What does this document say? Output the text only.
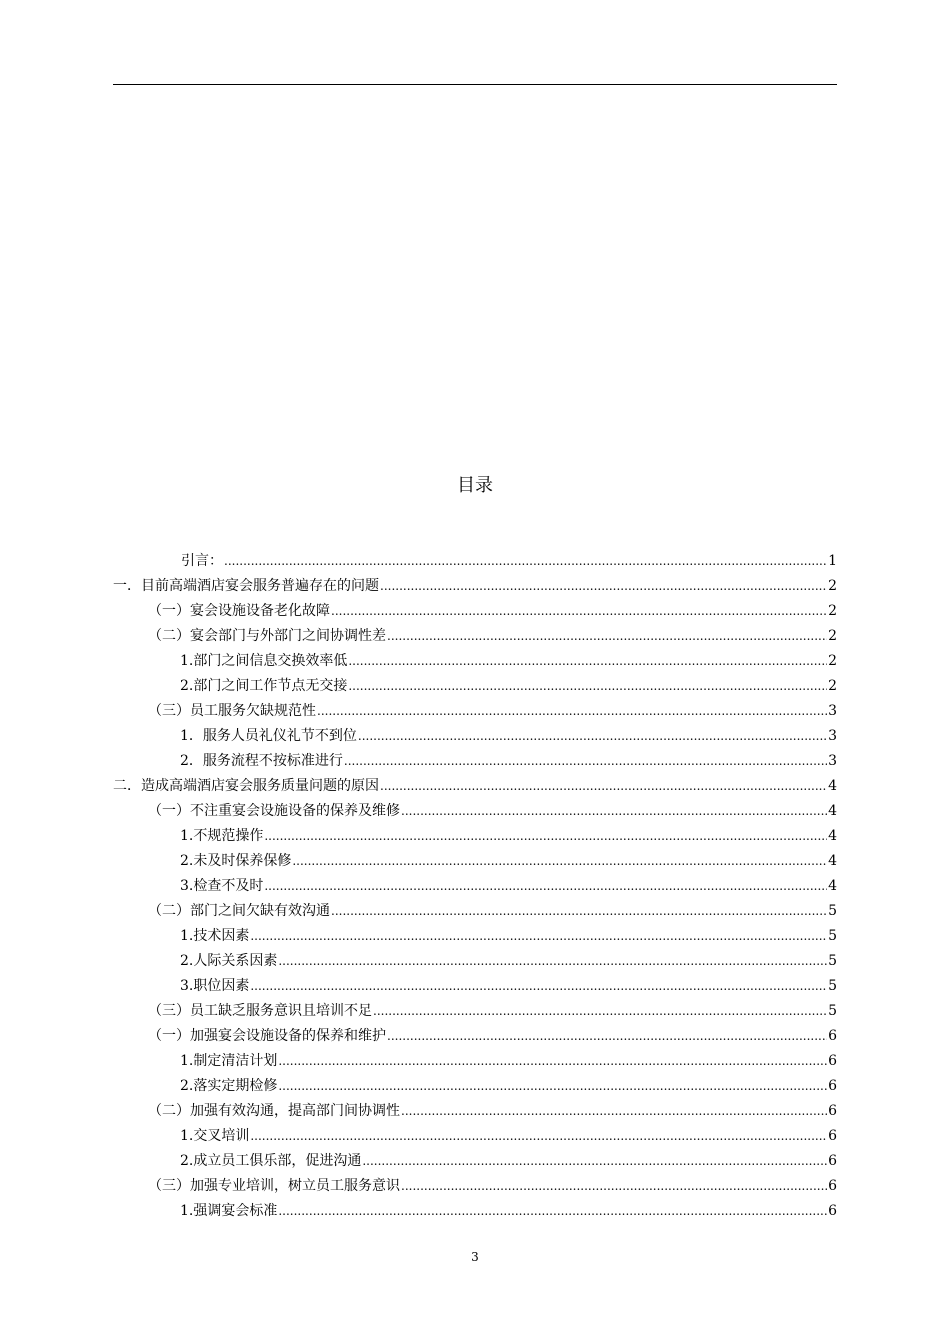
目录
引言： .....	1
一．目前高端酒店宴会服务普遍存在的问题 .....	2
（一）宴会设施设备老化故障 .....	2
（二）宴会部门与外部门之间协调性差 .....	2
1.部门之间信息交换效率低 .....	2
2.部门之间工作节点无交接 .....	2
（三）员工服务欠缺规范性 .....	3
1．服务人员礼仪礼节不到位 .....	3
2．服务流程不按标准进行 .....	3
二．造成高端酒店宴会服务质量问题的原因 .....	4
（一）不注重宴会设施设备的保养及维修 .....	4
1.不规范操作 .....	4
2.未及时保养保修 .....	4
3.检查不及时 .....	4
（二）部门之间欠缺有效沟通 .....	5
1.技术因素 .....	5
2.人际关系因素 .....	5
3.职位因素 .....	5
（三）员工缺乏服务意识且培训不足 .....	5
（一）加强宴会设施设备的保养和维护 .....	6
1.制定清洁计划 .....	6
2.落实定期检修 .....	6
（二）加强有效沟通，提高部门间协调性 .....	6
1.交叉培训 .....	6
2.成立员工俱乐部，促进沟通 .....	6
（三）加强专业培训，树立员工服务意识 .....	6
1.强调宴会标准 .....	6
3
